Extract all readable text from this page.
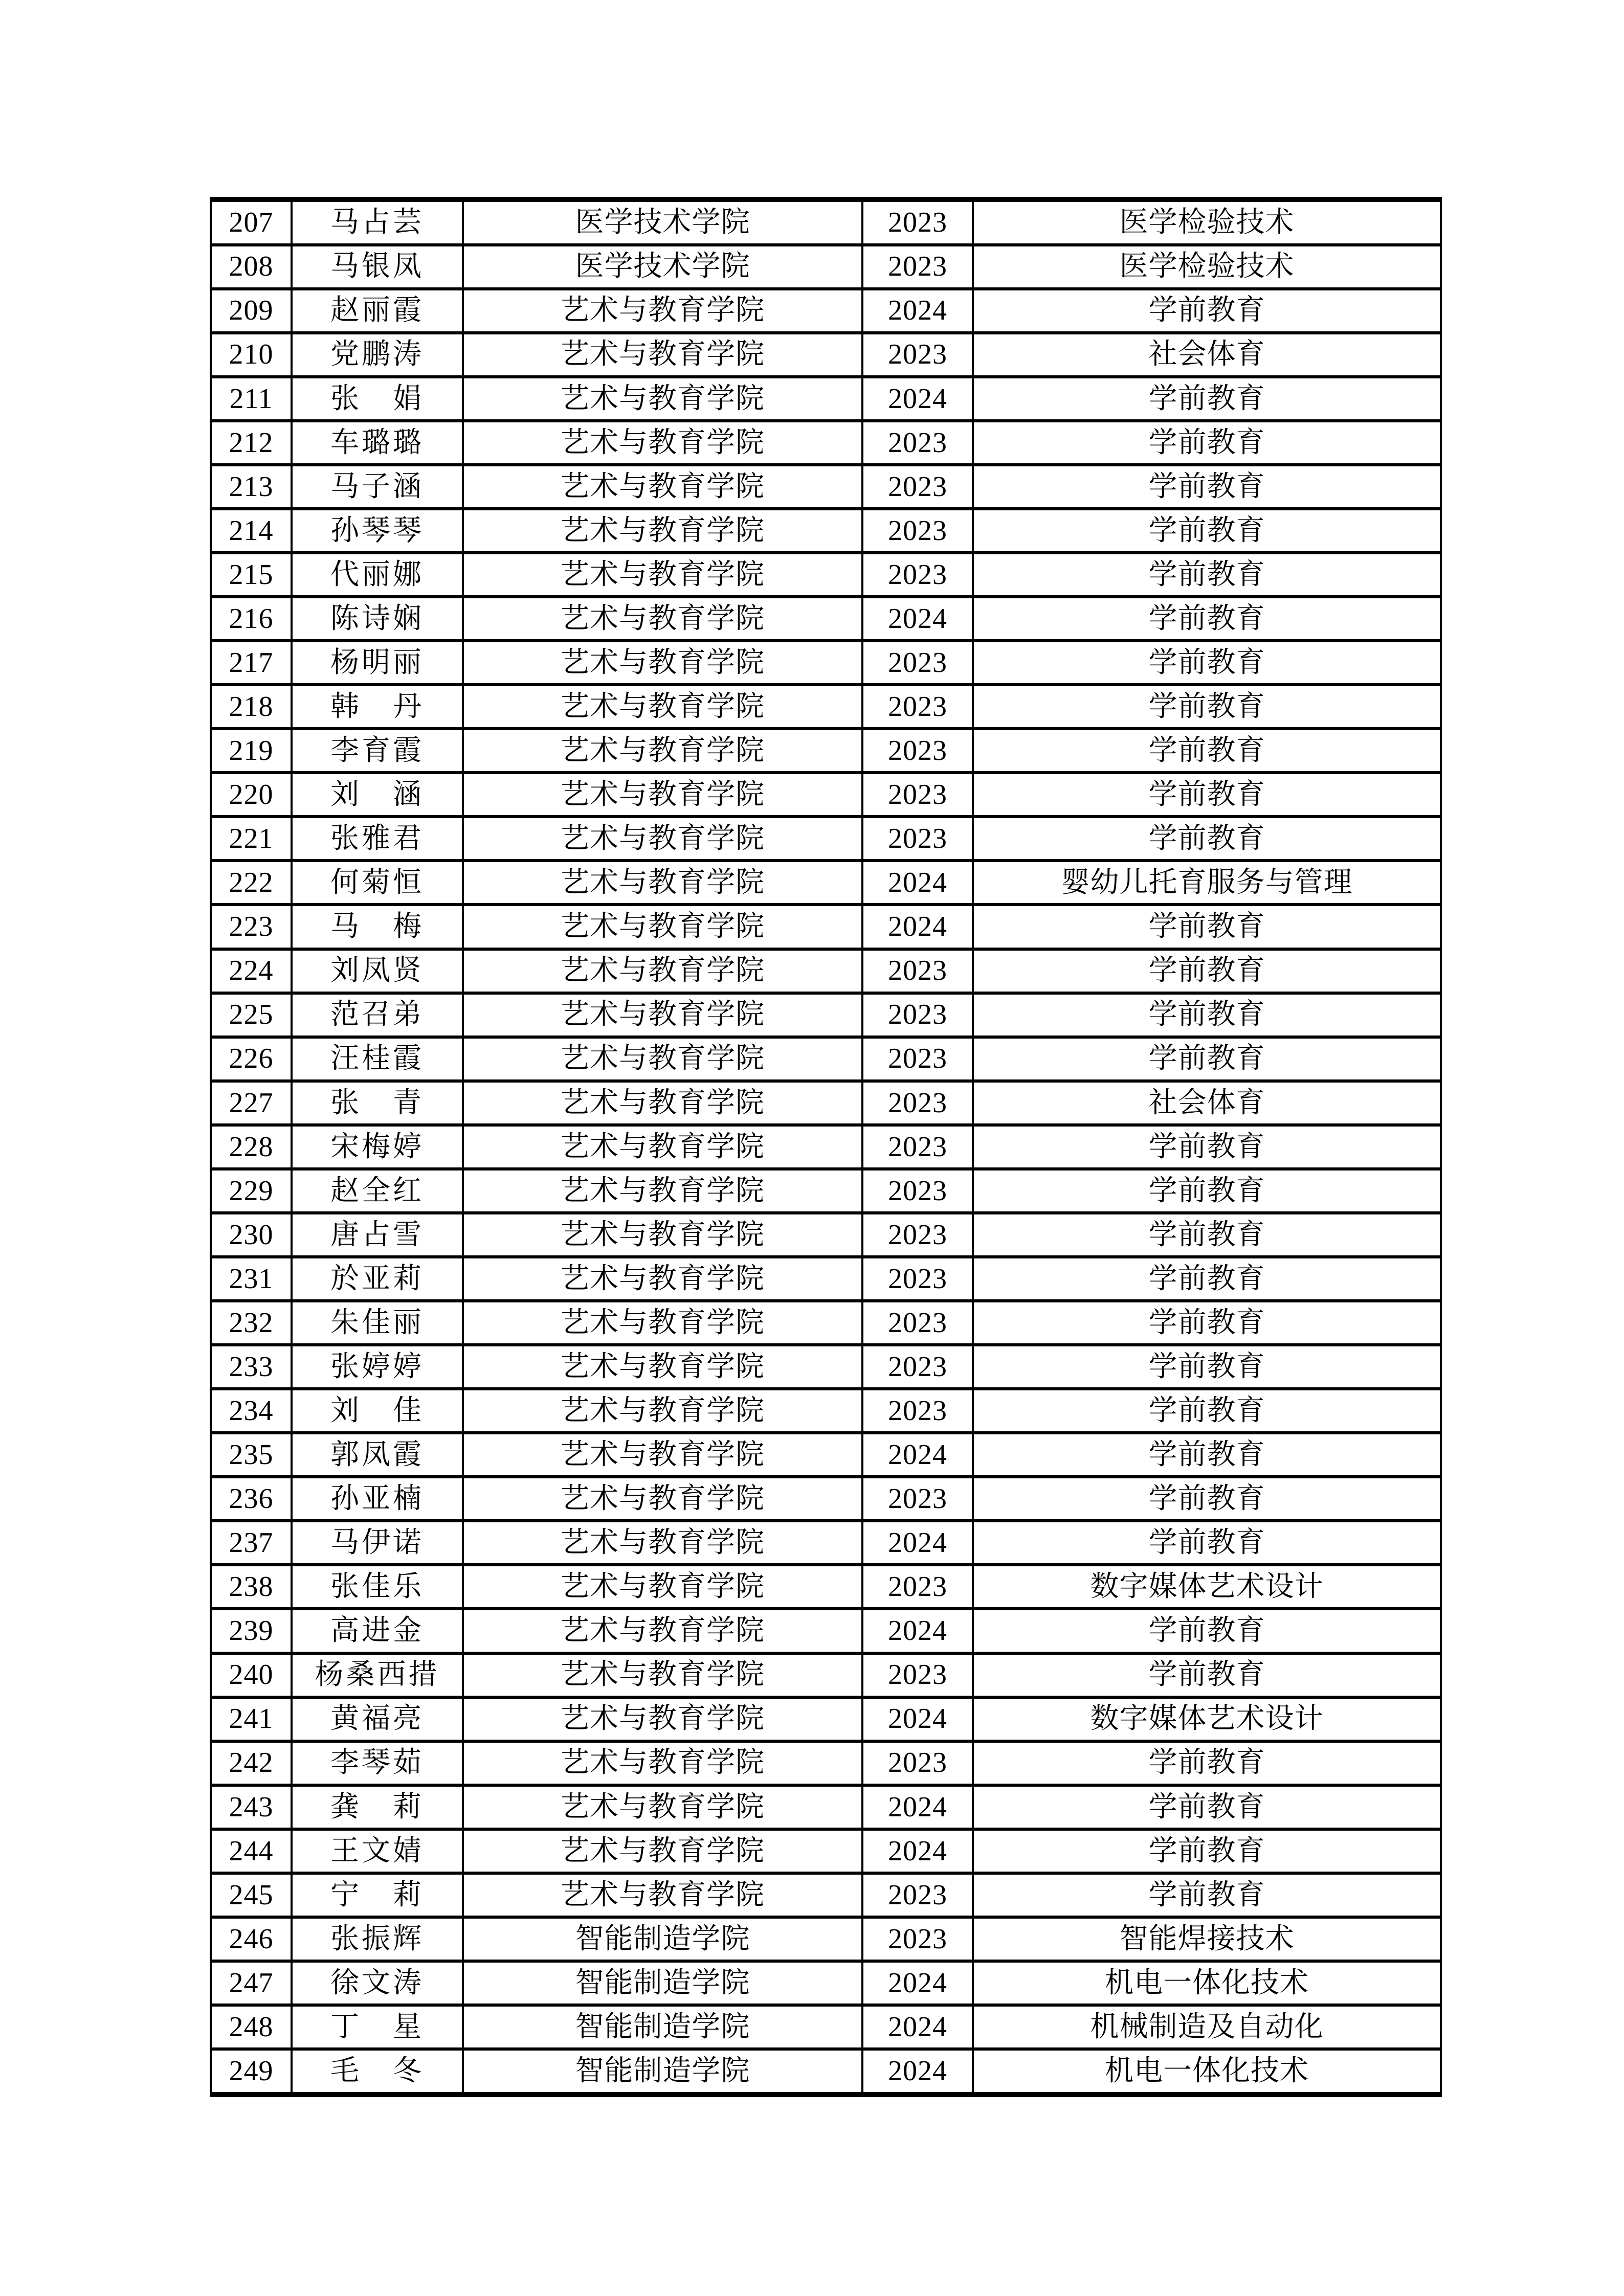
207	马占芸	医学技术学院	2023	医学检验技术
208	马银凤	医学技术学院	2023	医学检验技术
209	赵丽霞	艺术与教育学院	2024	学前教育
210	党鹏涛	艺术与教育学院	2023	社会体育
211	张　娟	艺术与教育学院	2024	学前教育
212	车璐璐	艺术与教育学院	2023	学前教育
213	马子涵	艺术与教育学院	2023	学前教育
214	孙琴琴	艺术与教育学院	2023	学前教育
215	代丽娜	艺术与教育学院	2023	学前教育
216	陈诗娴	艺术与教育学院	2024	学前教育
217	杨明丽	艺术与教育学院	2023	学前教育
218	韩　丹	艺术与教育学院	2023	学前教育
219	李育霞	艺术与教育学院	2023	学前教育
220	刘　涵	艺术与教育学院	2023	学前教育
221	张雅君	艺术与教育学院	2023	学前教育
222	何菊恒	艺术与教育学院	2024	婴幼儿托育服务与管理
223	马　梅	艺术与教育学院	2024	学前教育
224	刘凤贤	艺术与教育学院	2023	学前教育
225	范召弟	艺术与教育学院	2023	学前教育
226	汪桂霞	艺术与教育学院	2023	学前教育
227	张　青	艺术与教育学院	2023	社会体育
228	宋梅婷	艺术与教育学院	2023	学前教育
229	赵全红	艺术与教育学院	2023	学前教育
230	唐占雪	艺术与教育学院	2023	学前教育
231	於亚莉	艺术与教育学院	2023	学前教育
232	朱佳丽	艺术与教育学院	2023	学前教育
233	张婷婷	艺术与教育学院	2023	学前教育
234	刘　佳	艺术与教育学院	2023	学前教育
235	郭凤霞	艺术与教育学院	2024	学前教育
236	孙亚楠	艺术与教育学院	2023	学前教育
237	马伊诺	艺术与教育学院	2024	学前教育
238	张佳乐	艺术与教育学院	2023	数字媒体艺术设计
239	高进金	艺术与教育学院	2024	学前教育
240	杨桑西措	艺术与教育学院	2023	学前教育
241	黄福亮	艺术与教育学院	2024	数字媒体艺术设计
242	李琴茹	艺术与教育学院	2023	学前教育
243	龚　莉	艺术与教育学院	2024	学前教育
244	王文婧	艺术与教育学院	2024	学前教育
245	宁　莉	艺术与教育学院	2023	学前教育
246	张振辉	智能制造学院	2023	智能焊接技术
247	徐文涛	智能制造学院	2024	机电一体化技术
248	丁　星	智能制造学院	2024	机械制造及自动化
249	毛　冬	智能制造学院	2024	机电一体化技术
